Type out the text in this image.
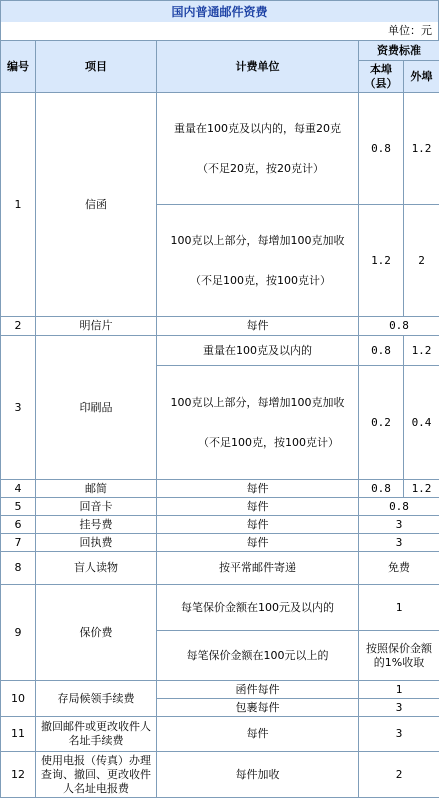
国内普通邮件资费
单位：元
编号	项目	计费单位	资费标准	
			本埠（县）	外埠
1	信函	重量在100克及以内的，每重20克
（不足20克，按20克计）	0.8	1.2

		100克以上部分，每增加100克加收
（不足100克，按100克计）	1.2	2
2	明信片	每件	0.8	
3	印刷品	重量在100克及以内的	0.8	1.2

		100克以上部分，每增加100克加收
（不足100克，按100克计）	0.2	0.4
4	邮简	每件	0.8	1.2
5	回音卡	每件	0.8	
6	挂号费	每件	3	
7	回执费	每件	3	
8	盲人读物	按平常邮件寄递	免费	
9	保价费	每笔保价金额在100元及以内的	1	
		每笔保价金额在100元以上的	按照保价金额的1%收取	
10	存局候领手续费	函件每件	1	
		包裹每件	3	
11	撤回邮件或更改收件人名址手续费	每件	3	
12	使用电报（传真）办理查询、撤回、更改收件人名址电报费	每件加收	2	
